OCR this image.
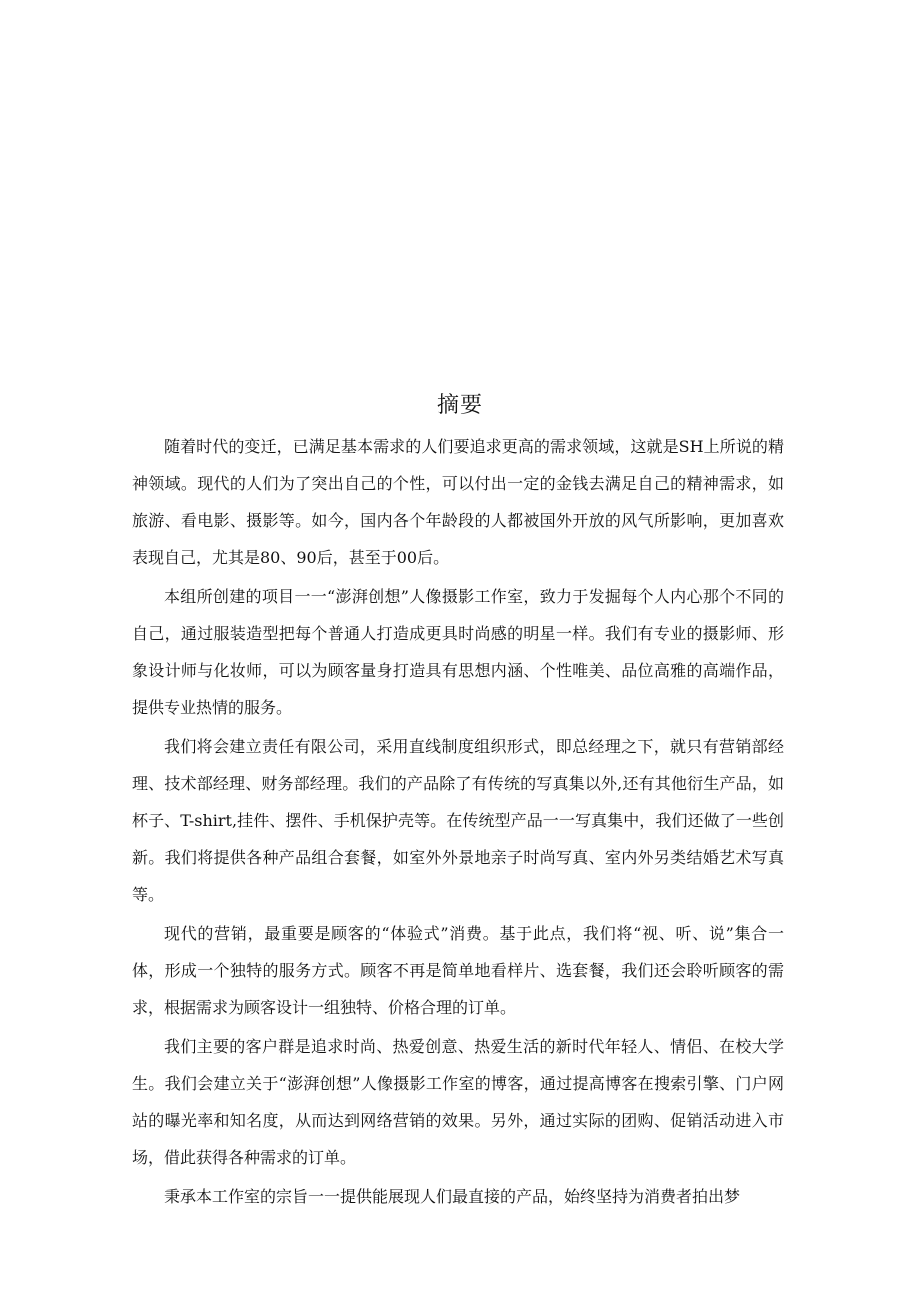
摘要

随着时代的变迁，已满足基本需求的人们要追求更高的需求领域，这就是SH上所说的精神领域。现代的人们为了突出自己的个性，可以付出一定的金钱去满足自己的精神需求，如旅游、看电影、摄影等。如今，国内各个年龄段的人都被国外开放的风气所影响，更加喜欢表现自己，尤其是80、90后，甚至于00后。

本组所创建的项目一一“澎湃创想”人像摄影工作室，致力于发掘每个人内心那个不同的自己，通过服装造型把每个普通人打造成更具时尚感的明星一样。我们有专业的摄影师、形象设计师与化妆师，可以为顾客量身打造具有思想内涵、个性唯美、品位高雅的高端作品，提供专业热情的服务。

我们将会建立责任有限公司，采用直线制度组织形式，即总经理之下，就只有营销部经理、技术部经理、财务部经理。我们的产品除了有传统的写真集以外,还有其他衍生产品，如杯子、T-shirt,挂件、摆件、手机保护壳等。在传统型产品一一写真集中，我们还做了一些创新。我们将提供各种产品组合套餐，如室外外景地亲子时尚写真、室内外另类结婚艺术写真等。

现代的营销，最重要是顾客的“体验式”消费。基于此点，我们将“视、听、说”集合一体，形成一个独特的服务方式。顾客不再是简单地看样片、选套餐，我们还会聆听顾客的需求，根据需求为顾客设计一组独特、价格合理的订单。

我们主要的客户群是追求时尚、热爱创意、热爱生活的新时代年轻人、情侣、在校大学生。我们会建立关于“澎湃创想”人像摄影工作室的博客，通过提高博客在搜索引擎、门户网站的曝光率和知名度，从而达到网络营销的效果。另外，通过实际的团购、促销活动进入市场，借此获得各种需求的订单。

秉承本工作室的宗旨一一提供能展现人们最直接的产品，始终坚持为消费者拍出梦
